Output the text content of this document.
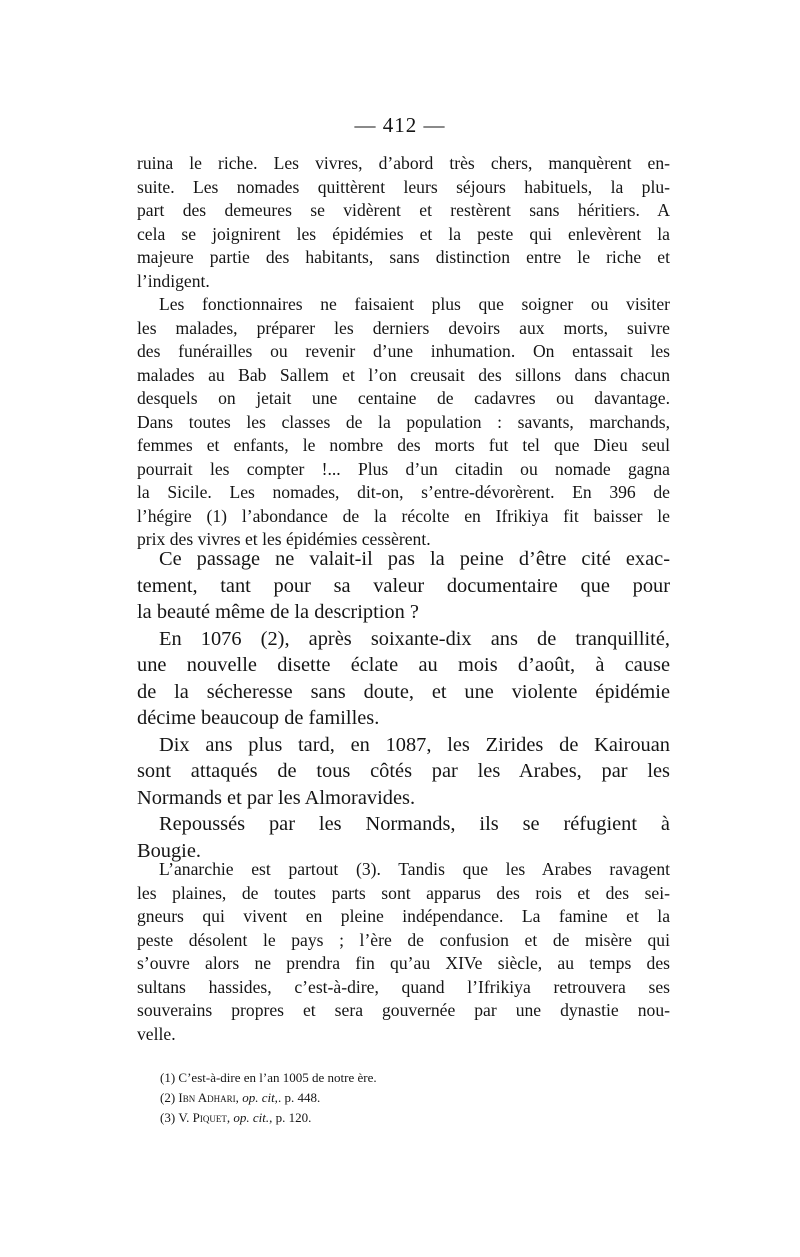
— 412 —
ruina le riche. Les vivres, d’abord très chers, manquèrent en-
suite. Les nomades quittèrent leurs séjours habituels, la plu-
part des demeures se vidèrent et restèrent sans héritiers. A
cela se joignirent les épidémies et la peste qui enlevèrent la
majeure partie des habitants, sans distinction entre le riche et
l’indigent.
Les fonctionnaires ne faisaient plus que soigner ou visiter
les malades, préparer les derniers devoirs aux morts, suivre
des funérailles ou revenir d’une inhumation. On entassait les
malades au Bab Sallem et l’on creusait des sillons dans chacun
desquels on jetait une centaine de cadavres ou davantage.
Dans toutes les classes de la population : savants, marchands,
femmes et enfants, le nombre des morts fut tel que Dieu seul
pourrait les compter !... Plus d’un citadin ou nomade gagna
la Sicile. Les nomades, dit-on, s’entre-dévorèrent. En 396 de
l’hégire (1) l’abondance de la récolte en Ifrikiya fit baisser le
prix des vivres et les épidémies cessèrent.
Ce passage ne valait-il pas la peine d’être cité exac-
tement, tant pour sa valeur documentaire que pour
la beauté même de la description ?
En 1076 (2), après soixante-dix ans de tranquillité,
une nouvelle disette éclate au mois d’août, à cause
de la sécheresse sans doute, et une violente épidémie
décime beaucoup de familles.
Dix ans plus tard, en 1087, les Zirides de Kairouan
sont attaqués de tous côtés par les Arabes, par les
Normands et par les Almoravides.
Repoussés par les Normands, ils se réfugient à
Bougie.
L’anarchie est partout (3). Tandis que les Arabes ravagent
les plaines, de toutes parts sont apparus des rois et des sei-
gneurs qui vivent en pleine indépendance. La famine et la
peste désolent le pays ; l’ère de confusion et de misère qui
s’ouvre alors ne prendra fin qu’au XIVe siècle, au temps des
sultans hassides, c’est-à-dire, quand l’Ifrikiya retrouvera ses
souverains propres et sera gouvernée par une dynastie nou-
velle.
(1) C’est-à-dire en l’an 1005 de notre ère.
(2) Ibn Adhari, op. cit,. p. 448.
(3) V. Piquet, op. cit., p. 120.
